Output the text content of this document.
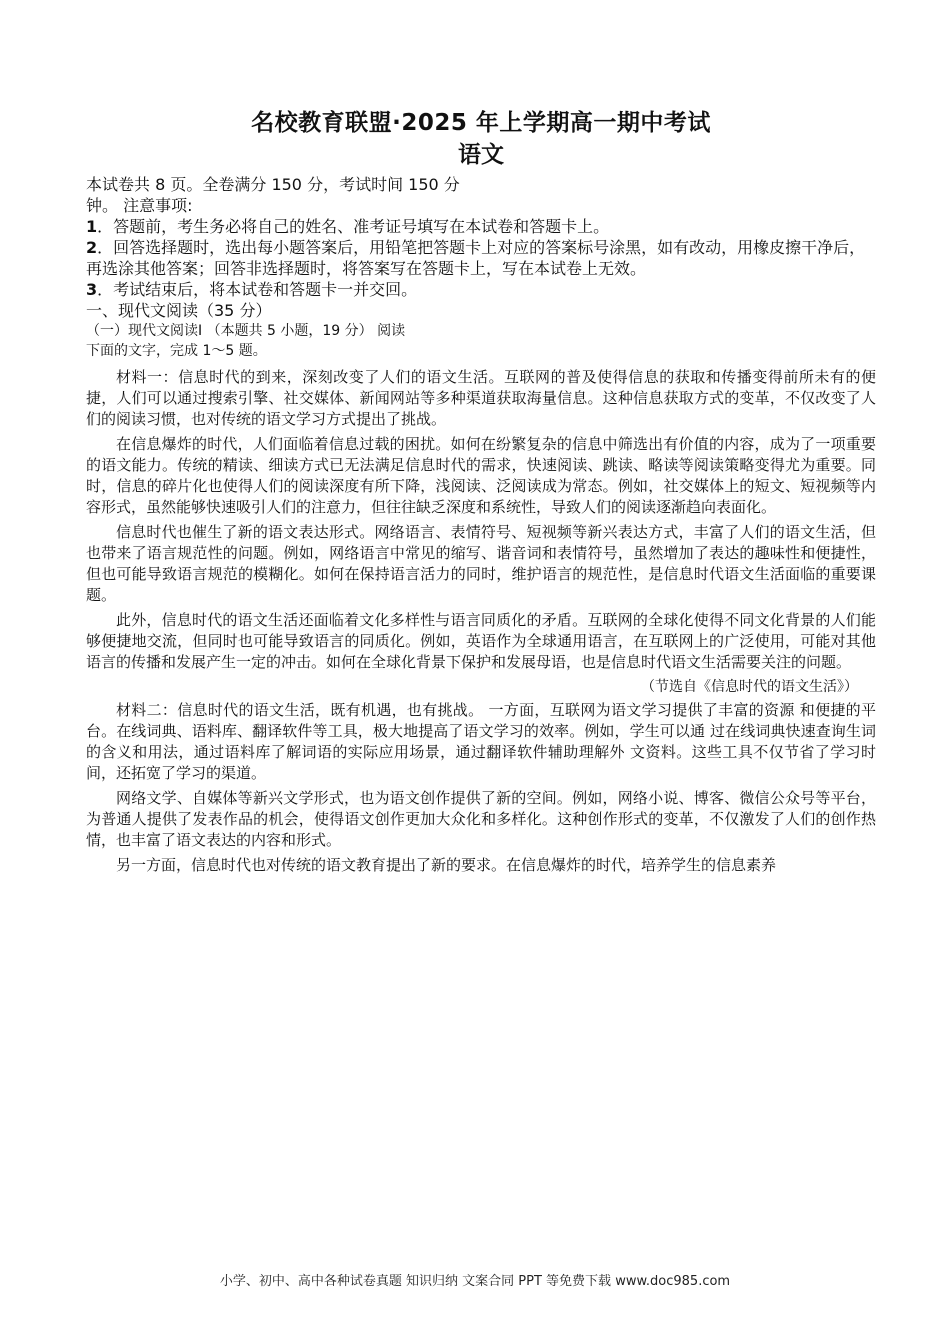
名校教育联盟·2025 年上学期高一期中考试
语文

本试卷共 8 页。全卷满分 150 分，考试时间 150 分

钟。 注意事项:

1．答题前，考生务必将自己的姓名、准考证号填写在本试卷和答题卡上。

2．回答选择题时，选出每小题答案后，用铅笔把答题卡上对应的答案标号涂黑，如有改动，用橡皮擦干净后，再选涂其他答案；回答非选择题时，将答案写在答题卡上，写在本试卷上无效。

3．考试结束后，将本试卷和答题卡一并交回。

一、现代文阅读（35 分）

（一）现代文阅读Ⅰ （本题共 5 小题，19 分） 阅读下面的文字，完成 1～5 题。

材料一：信息时代的到来，深刻改变了人们的语文生活。互联网的普及使得信息的获取和传播变得前所未有的便捷，人们可以通过搜索引擎、社交媒体、新闻网站等多种渠道获取海量信息。这种信息获取方式的变革，不仅改变了人们的阅读习惯，也对传统的语文学习方式提出了挑战。

在信息爆炸的时代，人们面临着信息过载的困扰。如何在纷繁复杂的信息中筛选出有价值的内容，成为了一项重要的语文能力。传统的精读、细读方式已无法满足信息时代的需求，快速阅读、跳读、略读等阅读策略变得尤为重要。同时，信息的碎片化也使得人们的阅读深度有所下降，浅阅读、泛阅读成为常态。例如，社交媒体上的短文、短视频等内容形式，虽然能够快速吸引人们的注意力，但往往缺乏深度和系统性，导致人们的阅读逐渐趋向表面化。

信息时代也催生了新的语文表达形式。网络语言、表情符号、短视频等新兴表达方式，丰富了人们的语文生活，但也带来了语言规范性的问题。例如，网络语言中常见的缩写、谐音词和表情符号，虽然增加了表达的趣味性和便捷性，但也可能导致语言规范的模糊化。如何在保持语言活力的同时，维护语言的规范性，是信息时代语文生活面临的重要课题。

此外，信息时代的语文生活还面临着文化多样性与语言同质化的矛盾。互联网的全球化使得不同文化背景的人们能够便捷地交流，但同时也可能导致语言的同质化。例如，英语作为全球通用语言，在互联网上的广泛使用，可能对其他语言的传播和发展产生一定的冲击。如何在全球化背景下保护和发展母语，也是信息时代语文生活需要关注的问题。

（节选自《信息时代的语文生活》）

材料二：信息时代的语文生活，既有机遇，也有挑战。 一方面，互联网为语文学习提供了丰富的资源 和便捷的平台。在线词典、语料库、翻译软件等工具，极大地提高了语文学习的效率。例如，学生可以通 过在线词典快速查询生词的含义和用法，通过语料库了解词语的实际应用场景，通过翻译软件辅助理解外 文资料。这些工具不仅节省了学习时间，还拓宽了学习的渠道。

网络文学、自媒体等新兴文学形式，也为语文创作提供了新的空间。例如，网络小说、博客、微信公众号等平台，为普通人提供了发表作品的机会，使得语文创作更加大众化和多样化。这种创作形式的变革，不仅激发了人们的创作热情，也丰富了语文表达的内容和形式。

另一方面，信息时代也对传统的语文教育提出了新的要求。在信息爆炸的时代，培养学生的信息素养

小学、初中、高中各种试卷真题 知识归纳 文案合同 PPT 等免费下载 www.doc985.com
